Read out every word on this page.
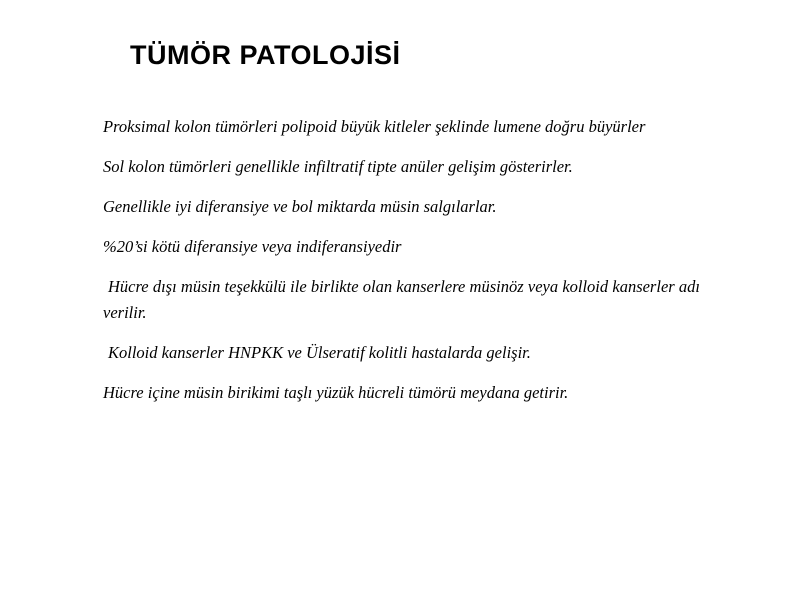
TÜMÖR PATOLOJİSİ

Proksimal kolon tümörleri polipoid büyük kitleler şeklinde lumene doğru büyürler

Sol kolon tümörleri genellikle infiltratif tipte anüler gelişim gösterirler.

Genellikle iyi diferansiye ve bol miktarda müsin salgılarlar.

%20’si kötü diferansiye veya indiferansiyedir

Hücre dışı müsin teşekkülü ile birlikte olan kanserlere müsinöz veya kolloid kanserler adı verilir.

Kolloid kanserler HNPKK ve Ülseratif kolitli hastalarda gelişir.

Hücre içine müsin birikimi taşlı yüzük hücreli tümörü meydana getirir.
